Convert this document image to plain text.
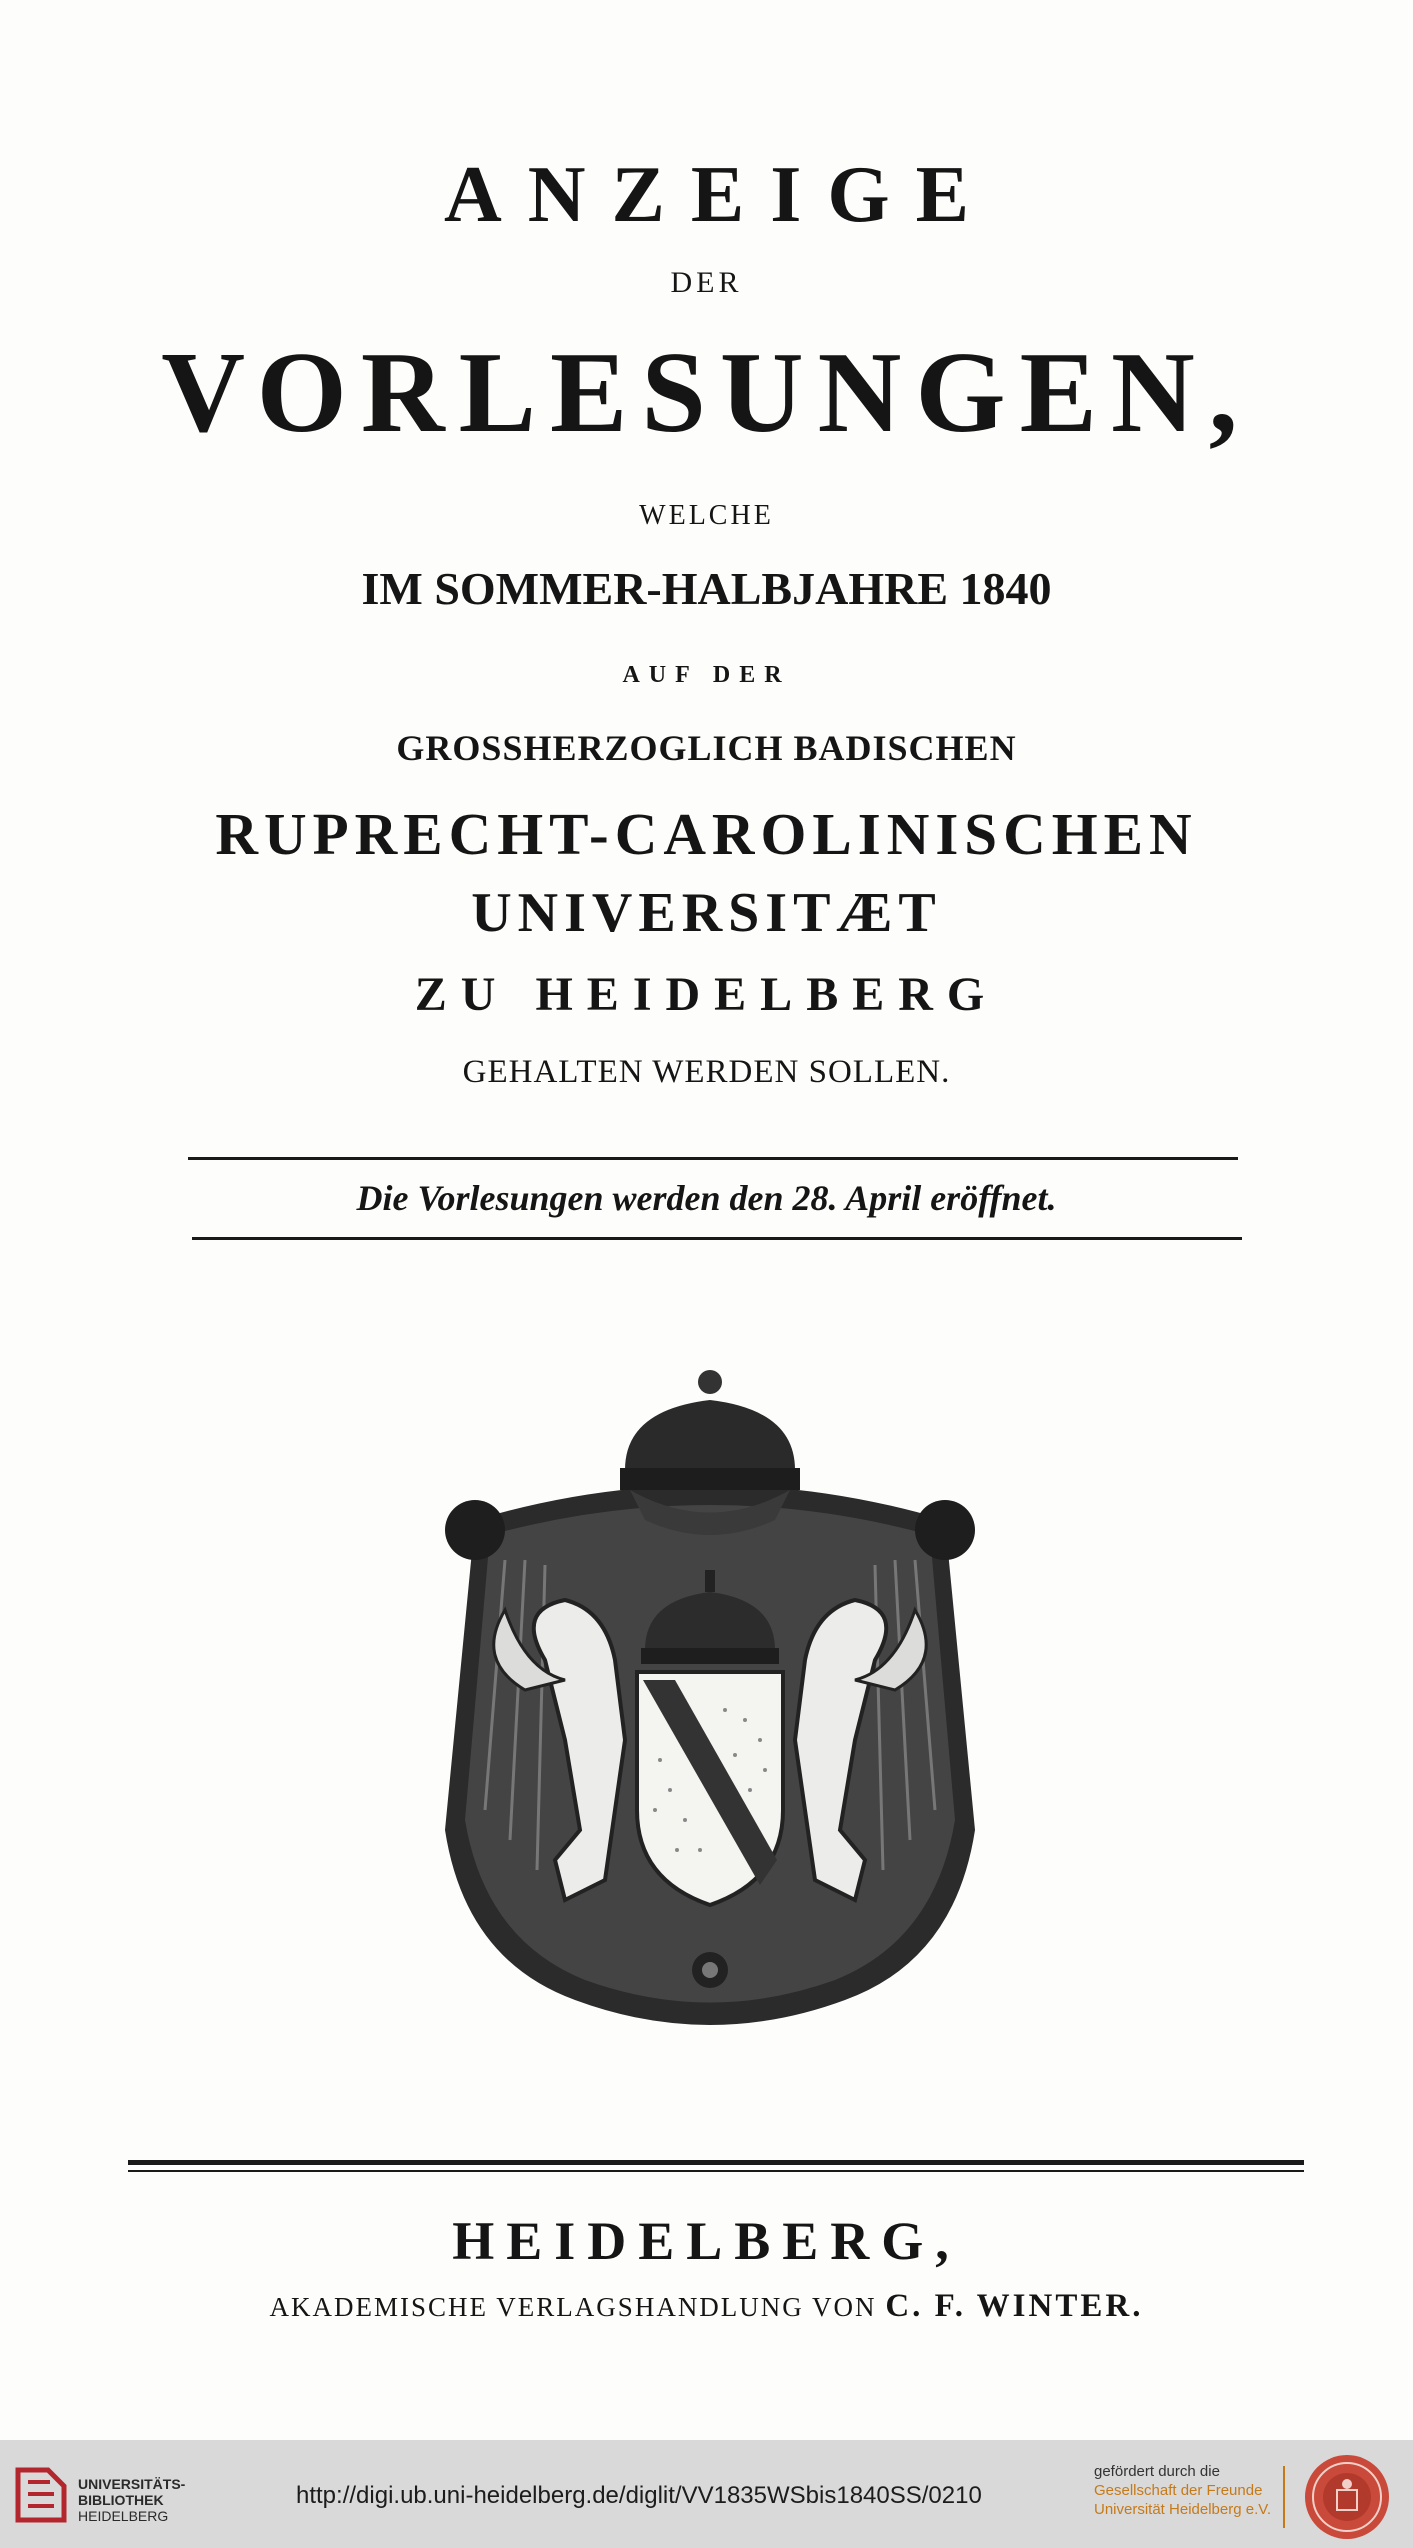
ANZEIGE
DER
VORLESUNGEN,
WELCHE
IM SOMMER-HALBJAHRE 1840
AUF DER
GROSSHERZOGLICH BADISCHEN
RUPRECHT-CAROLINISCHEN
UNIVERSITÆT
ZU HEIDELBERG
GEHALTEN WERDEN SOLLEN.
Die Vorlesungen werden den 28. April eröffnet.
HEIDELBERG,
AKADEMISCHE VERLAGSHANDLUNG VON C. F. WINTER.
UNIVERSITÄTS-
BIBLIOTHEK
HEIDELBERG
http://digi.ub.uni-heidelberg.de/diglit/VV1835WSbis1840SS/0210
gefördert durch die
Gesellschaft der Freunde
Universität Heidelberg e.V.
